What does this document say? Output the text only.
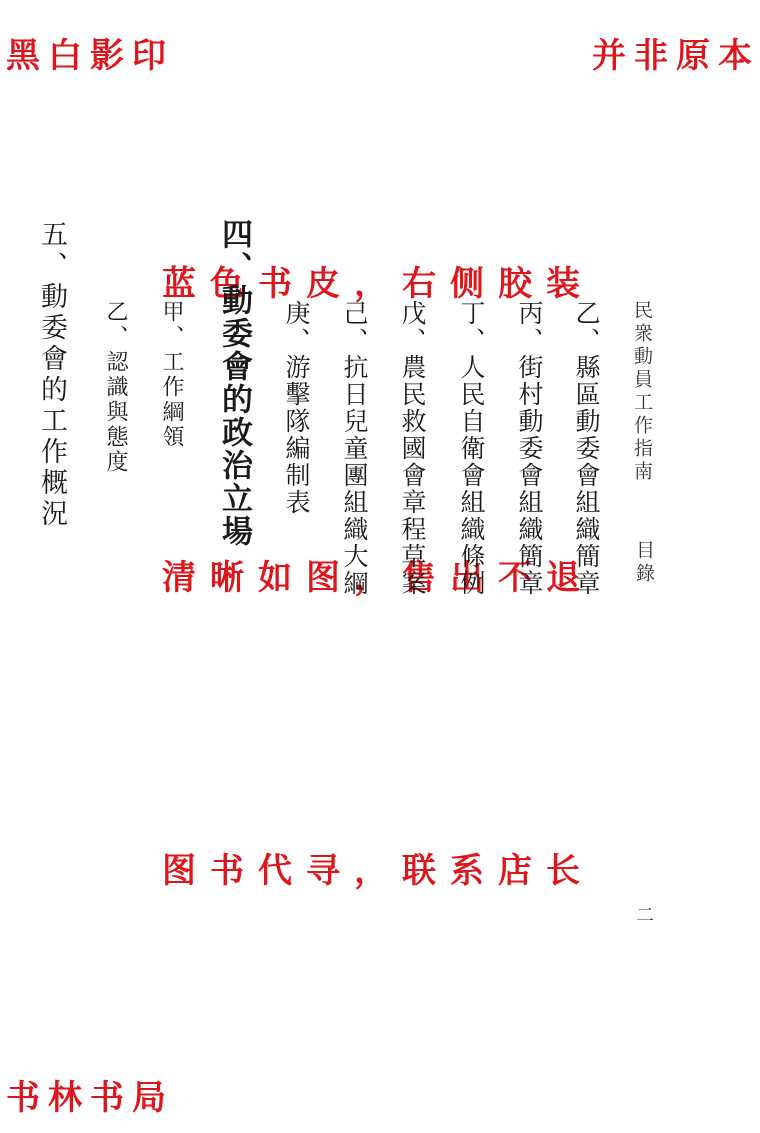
黑白影印	并非原本
蓝色书皮，右侧胶装
清晰如图，售出不退
图书代寻，联系店长
书林书局
民衆動員工作指南
目錄
二
乙、縣區動委會組織簡章
丙、街村動委會組織簡章
丁、人民自衛會組織條例
戊、農民救國會章程草案
己、抗日兒童團組織大綱
庚、游擊隊編制表
四、動委會的政治立場
甲、工作綱領
乙、認識與態度
五、動委會的工作概況
